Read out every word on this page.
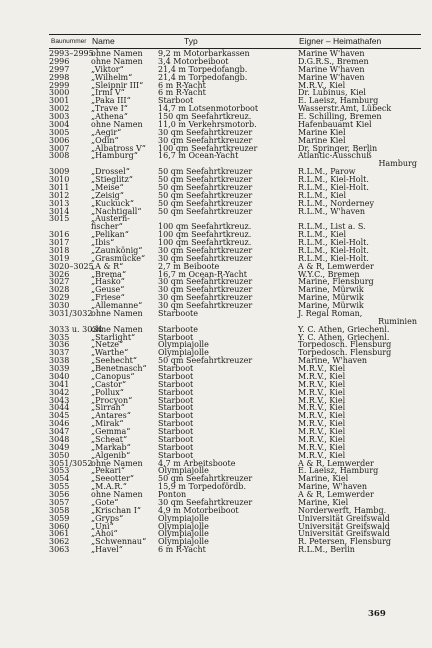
Baunummer Name	Typ	Eigner – Heimathafen
2993–2995
ohne Namen 9,2 m Motorbarkassen	Marine W'haven
2996	ohne Namen 3,4 Motorbeiboot	D.G.R.S., Bremen
2997	„Viktor“	21,4 m Torpedofangb.	Marine W'haven
2998	„Wilhelm“	21,4 m Torpedofangb.	Marine W'haven
2999	„Sleipnir III“ 6 m R-Yacht	M.R.V., Kiel
3000	„Irmi V“	6 m R-Yacht	Dr. Lubinus, Kiel
3001	„Paka III“	Starboot	E. Laeisz, Hamburg
3002	„Trave I“	14,7 m Lotsenmotorboot	Wasserstr.Amt, Lübeck
3003	„Athena“	150 qm Seefahrtkreuz.	E. Schilling, Bremen
3004	ohne Namen 11,0 m Verkehrsmotorb.	Hafenbauamt Kiel
3005	„Aegir“	30 qm Seefahrtkreuzer	Marine Kiel
3006	„Odin“	30 qm Seefahrtkreuzer	Marine Kiel
3007	„Albatross V“ 100 qm Seefahrtkreuzer	Dr. Springer, Berlin
3008	„Hamburg“	16,7 m Ocean-Yacht	Atlantic-Ausschuß
Hamburg
3009	„Drossel“	50 qm Seefahrtkreuzer	R.L.M., Parow
3010	„Stieglitz“	50 qm Seefahrtkreuzer	R.L.M., Kiel-Holt.
3011	„Meise“	50 qm Seefahrtkreuzer	R.L.M., Kiel-Holt.
3012	„Zeisig“	50 qm Seefahrtkreuzer	R.L.M., Kiel
3013	„Kuckuck“	50 qm Seefahrtkreuzer	R.L.M., Norderney
3014	„Nachtigall“ 50 qm Seefahrtkreuzer	R.L.M., W'haven
3015	„Austern-
fischer“	100 qm Seefahrtkreuz.	R.L.M., List a. S.
3016	„Pelikan“	100 qm Seefahrtkreuz.	R.L.M., Kiel
3017	„Ibis“	100 qm Seefahrtkreuz.	R.L.M., Kiel-Holt.
3018	„Zaunkönig“ 30 qm Seefahrtkreuzer	R.L.M., Kiel-Holt.
3019	„Grasmücke“ 30 qm Seefahrtkreuzer	R.L.M., Kiel-Holt.
3020–3025
„A & R“	2,7 m Beiboote	A & R, Lemwerder
3026	„Brema“	16,7 m Ocean-R-Yacht	W.Y.C., Bremen
3027	„Hasko“	30 qm Seefahrtkreuzer	Marine, Flensburg
3028	„Geuse“	30 qm Seefahrtkreuzer	Marine, Mürwik
3029	„Friese“	30 qm Seefahrtkreuzer	Marine, Mürwik
3030	„Allemanne“ 30 qm Seefahrtkreuzer	Marine, Mürwik
3031/3032
ohne Namen Starboote	J. Regal Roman,
Ruminien
3033 u. 3034
ohne Namen Starboote	Y. C. Athen, Griechenl.
3035	„Starlight“	Starboot	Y. C. Athen, Griechenl.
3036	„Netze“	Olympiajolle	Torpedosch. Flensburg
3037	„Warthe“	Olympiajolle	Torpedosch. Flensburg
3038	„Seehecht“	50 qm Seefahrtkreuzer	Marine, W'haven
3039	„Benetnasch“ Starboot	M.R.V., Kiel
3040	„Canopus“	Starboot	M.R.V., Kiel
3041	„Castor“	Starboot	M.R.V., Kiel
3042	„Pollux“	Starboot	M.R.V., Kiel
3043	„Procyon“	Starboot	M.R.V., Kiel
3044	„Sirrah“	Starboot	M.R.V., Kiel
3045	„Antares“	Starboot	M.R.V., Kiel
3046	„Mirak“	Starboot	M.R.V., Kiel
3047	„Gemma“	Starboot	M.R.V., Kiel
3048	„Scheat“	Starboot	M.R.V., Kiel
3049	„Markab“	Starboot	M.R.V., Kiel
3050	„Algenib“	Starboot	M.R.V., Kiel
3051/3052
ohne Namen 4,7 m Arbeitsboote	A & R, Lemwerder
3053	„Pekari“	Olympiajolle	E. Laeisz, Hamburg
3054	„Seeotter“	50 qm Seefahrtkreuzer	Marine, Kiel
3055	„M.A.R.“	15,9 m Torpedofördb.	Marine, W'haven
3056	ohne Namen Ponton	A & R, Lemwerder
3057	„Gote“	30 qm Seefahrtkreuzer	Marine, Kiel
3058	„Krischan I“ 4,9 m Motorbeiboot	Norderwerft, Hambg.
3059	„Gryps“	Olympiajolle	Universität Greifswald
3060	„Uni“	Olympiajolle	Universität Greifswald
3061	„Ahoi“	Olympiajolle	Universität Greifswald
3062	„Schwennau“ Olympiajolle	R. Petersen, Flensburg
3063	„Havel“	6 m R-Yacht	R.L.M., Berlin
369
